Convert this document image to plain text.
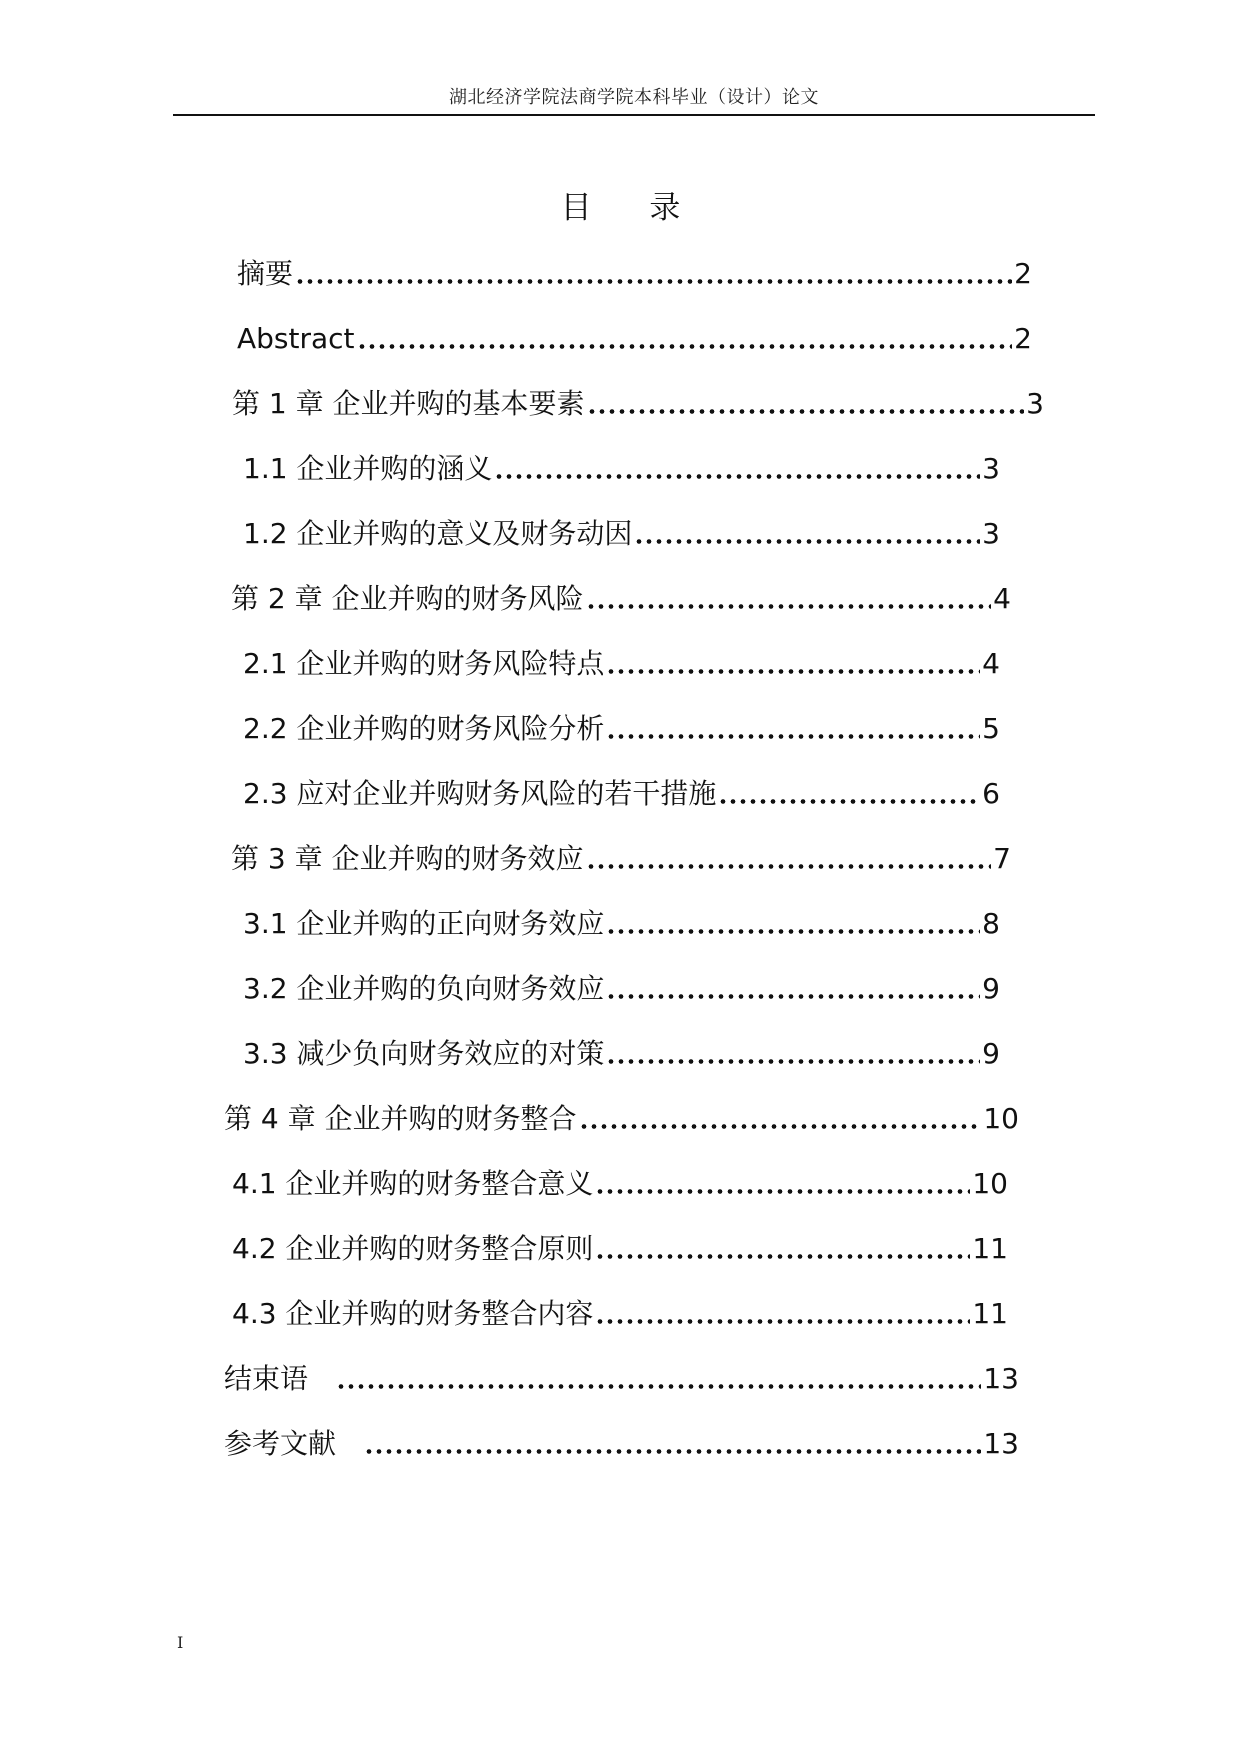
湖北经济学院法商学院本科毕业（设计）论文
目 录
摘要	2
Abstract	2
第 1 章 企业并购的基本要素	3
1.1 企业并购的涵义	3
1.2 企业并购的意义及财务动因	3
第 2 章 企业并购的财务风险	4
2.1 企业并购的财务风险特点	4
2.2 企业并购的财务风险分析	5
2.3 应对企业并购财务风险的若干措施	6
第 3 章 企业并购的财务效应	7
3.1 企业并购的正向财务效应	8
3.2 企业并购的负向财务效应	9
3.3 减少负向财务效应的对策	9
第 4 章 企业并购的财务整合	10
4.1 企业并购的财务整合意义	10
4.2 企业并购的财务整合原则	11
4.3 企业并购的财务整合内容	11
结束语	13
参考文献	13
I
